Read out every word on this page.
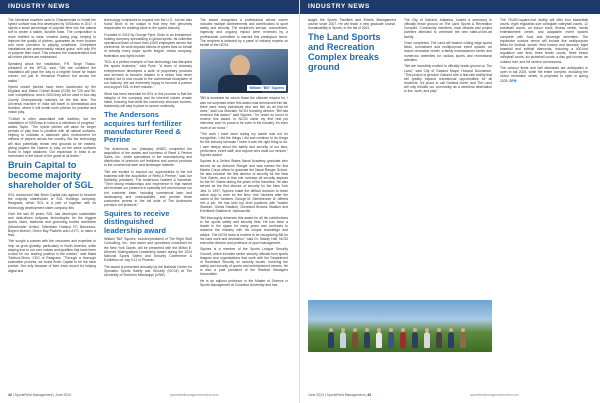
INDUSTRY NEWS

The Universal machine used in Dharamshala to install the hybrid surface was first developed by SISGrass in 2017. It injects a small percentage of polymer fibre into the natural turf to create a stable, durable base. The composition is more resilient to wear, created during play, helping to improve the quality of pitches, guarantee an even bounce and more precision in playing conditions. Completed installations are predominantly natural grass, with only 5% of polymer fibre used. This ensures the characteristics that all cricket pitches are maintained.

Speaking about the installation, P.R. Singh Thakur, president of the HPCA, said, "We are confident the installation will pave the way to a brighter future for Indian cricket, not just in Himachal Pradesh but across the nation."

Hybrid cricket pitches have been sanctioned by the England and Wales Cricket Board (ECB) for T20 and 50-over competitions, and in 2024 they will be used in four-day County Championship matches for the first time. The Universal machine in India will travel to Ahmedabad and Mumbai, where it will install more pitches for practice and match play.

"Cricket is often associated with tradition, but the installation of SISGrass in India is a milestone of progress," added Taylor. "The hybrid pitches will allow for longer periods of play than is possible with all natural surfaces, helping to maintain a balanced pitch environment for millions of players across the country. But the technology will also potentially reveal new grounds to be created, giving players the chance to play on the same surfaces found in major stadiums. Our expansion in India is an investment in the future of the game at all levels."

Bruin Capital to become majority shareholder of SGL

SGL announced that Bruin Capital has agreed to become the majority shareholder of SGL Holdings company, Reagrass, which SGL is a part of together with its technology development sister company Ibis.

Over the last 30 years, SGL has developed sustainable and data-driven turfgrass technologies for the biggest sports clubs, stadiums and governing bodies worldwide (Manchester United, Tottenham Hotspur FC Barcelona, Bayern Munich, Green Bay Packers and LA FC, to name a few).

"We sought a partner with the resources and expertise to help us grow globally, particularly in North America, while staying true to our core values and qualities that have been crucial for our leading position in the market," said Mads Toldbod-Olsen, CEO of Reagrass. "Through a thorough evaluation process, we found Bruin Capital to be the ideal partner. Not only because of their track record for helping digital and

technology companies to expand into the U.S., but we also found Bruin to be unique in that they feel genuinely responsible for creating value to the sports industry.

Founded in 2015 by George Pyne, Bruin is an investment-holding company specialising in global sports. Its collective operational team of more than 6,000 employees serves five continents. Its work impacts billions of sports fans on behalf of virtually every major sports league, media company, federation and rights holder.

"SGL is a perfect example of how technology has disrupted the sports business," said Pyne. "A team of visionary entrepreneurs developed a suite of proprietary products and services to become leaders in a sector that never existed, but is now crucial to the commercial ecosystem of our industry. We are extremely happy to become a partner and support SGL in their mission."

What has been essential for SGL in this process is that the integrity of the company and its inherent values remain intact, ensuring that while the ownership structure evolves, leadership will stay in place to secure continuity.

The Andersons acquires turf fertilizer manufacturer Reed & Perrine

The Andersons, Inc. (Nasdaq: ANDE) completed the acquisition of the assets and business of Reed & Perrine Sales, Inc., which specialises in the manufacturing and distribution of premium turf fertilizers and control products to the commercial lawn and landscape markets.

"We are excited to expand our opportunities in the turf business with the acquisition of Reed & Perrine," said Joe McNeely, president, The Andersons Nutrient & Industrial. "Their strong relationships and experience in that market will increase our presence in specialty turf and enhance our turf customer base, including commercial lawn and landscaping and municipalities, and provide those customers access to the full suite of The Andersons premium turf products."

Squires to receive distinguished leadership award

William "Bill" Squires, founder/president of The Right Stuff Consulting, Inc., and owner and operations consultant for the New York Giants, will be presented with the Milton E. Albrecht Distinguished Leadership Award during the 2024 National Sports Safety and Security Conference & Exhibition on July 9-11 in Phoenix.

The award is presented annually by the National Center for Spectator Sports Safety and Security (NCS4) at The University of Southern Mississippi (USM).

The award recognizes a professional whose career includes multiple achievements and contributions to sport safety and security. The recipient's service, commitment, ingenuity and ongoing impact were reviewed by a professional committee to warrant this prestigious honor. The recipient is selected by a panel of industry experts on behalf of the NCS4.

William "Bill" Squires

"Bill is someone for whom those the ultimate respect for, I was not surprised when this award was announced this fall, there were many individuals who see him do all that he does," said Lou Marciani, NCS4 founding director. "Bill has received this award," said Squires. "I'm under no honor to receive this award. In NCS4 came my first real job interview, and I'm proud to be even in the industry, it's even more of an honor."

"The work I have done during my career was not for recognition. I did the things I did and continue to do things for the industry because I knew it was the right thing to do. I care deeply about the safety and security of our fans, performers, event staff, and anyone who visits our venues," Squires added.

Squires is a United States Naval Academy graduate who served as an Airborne Ranger and was named the first Marine Corps officer to graduate the Naval Ranger School. He also became the first director of security for the New York Giants, and in that role oversaw all security aspects for the NY Giants during the years of the franchise. He also served as the first director of security for the New York Jets. In 1997, Squires made the difficult decision to leave active duty to work for the New York Yankees after the owner of the Yankees, George M. Steinbrenner III, offered him a job. He has held top level positions with Yankee Stadium, Giants Stadium, Cleveland Browns Stadium and EverBank Stadium in Jacksonville.

"Bill thoroughly deserves this award for all his contributions to the sports safety and security field. He has been a leader in the space for many years and continues to advance the industry with his unique knowledge and advice. The NCS4 team is excited to be recognizing Bill for his hard work and dedication," said Dr. Stacey Hall, NCS4 executive director and professor of sport management.

Squires is a member of the Sports League Security Council, which includes senior security officials from sports leagues and organisations that work with the Department of Homeland Security on security issues. Involving the safety and security of sports and entertainment venues. He is also a past president of the Stadium Managers Association.

He is an adjunct professor in the Master of Science in Sports Management at Columbia University and has

42 | SportsField Management | June 2024	sportsfieldmanagementonline.com
INDUSTRY NEWS

taught the Sports Facilities and Events Management course since 2007. He will teach a new graduate course, Sustainability in Sports, in the fall of 2024.

The Land Sports and Recreation Complex breaks ground

The City of Garland, Alabama, hosted a ceremony to officially break ground on The Land Sports & Recreation Complex. Community members, local officials and project partners attended to celebrate the new state-of-the-art facility.

Once completed, The Land will feature cutting edge sports fields, tournament and multipurpose event spaces, an indoor recreation center, a family entertainment center and numerous amenities for various sports and recreational activities.

"We are incredibly excited to officially break ground on The Land," said City of Garland Mayor Howard Dunnamon. "This project is genuine Garland with a first-rate facility that will greatly expand recreational opportunities for all residents. It's proud to call Garland home, and The Land will only elevate our community as a weekend destination to live, work, and play."

The 78,000-square-foot facility will offer four basketball courts, eight regulation-size collegiate volleyball courts, 12 pickleball courts, an indoor track, fitness center, family entertainment center, and adaptable event spaces complete with food and beverage amenities. The expansive outdoor venue will include five multipurpose fields for football, soccer, field hockey and lacrosse, eight baseball and softball diamonds, including a 400-foot regulation size field; three tennis courts, three beach volleyball courts, six pickleball courts, a disc golf course, an outdoor trail, and full service concessions.

The outdoor fields and ball diamonds are anticipated to open in fall 2025, while the entire complex, including the indoor recreation center, is projected to open in spring 2025. SFM

June 2024 | SportsField Management | 43	sportsfieldmanagementonline.com
